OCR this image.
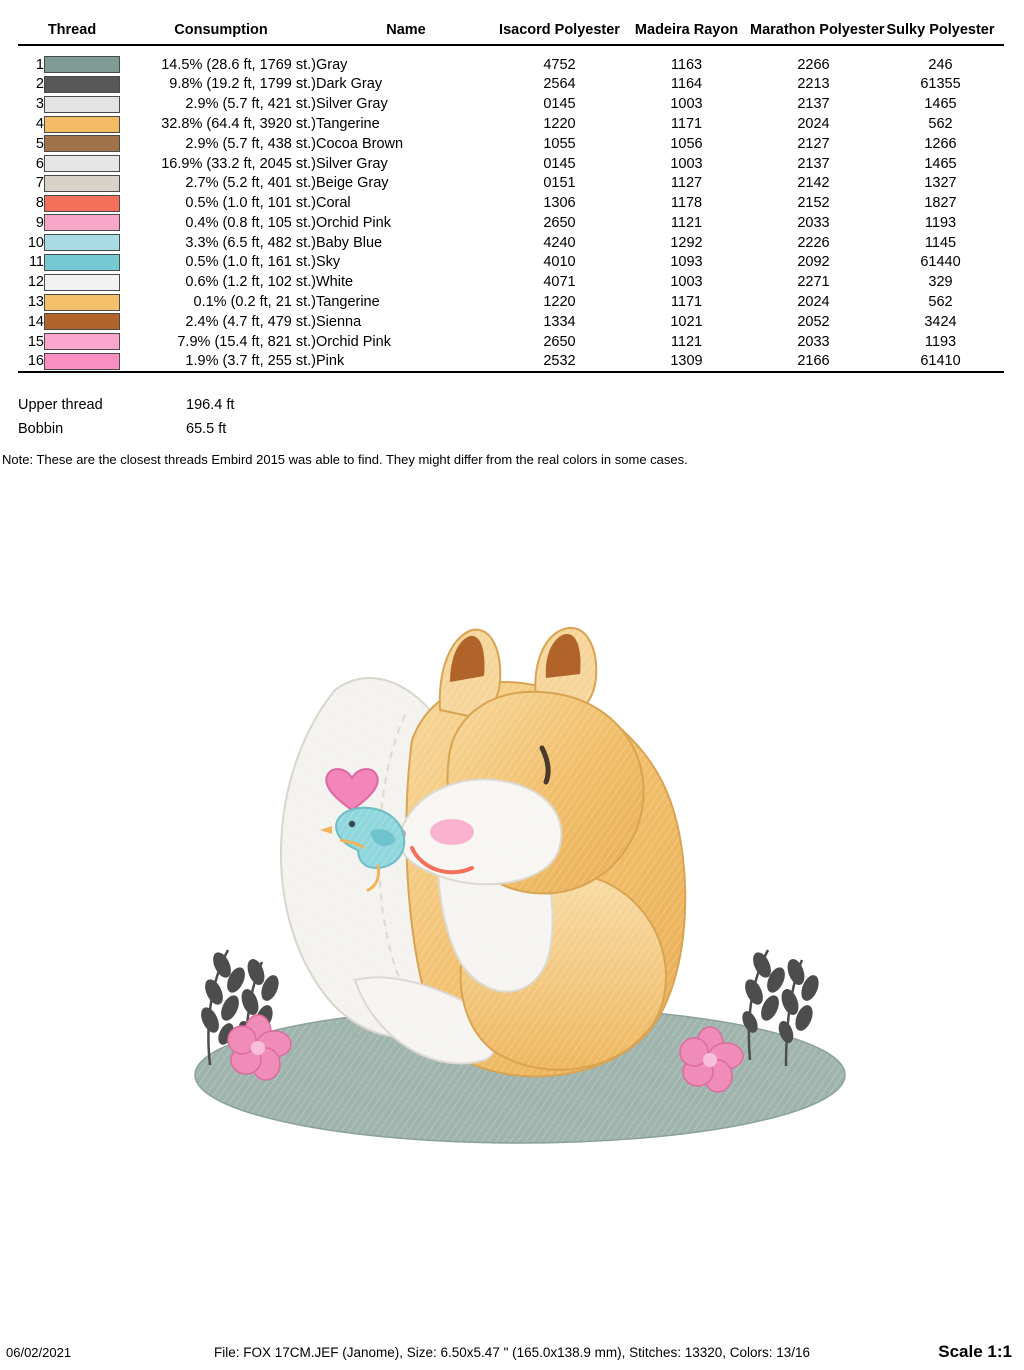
Thread		Consumption	Name	Isacord Polyester	Madeira Rayon	Marathon Polyester	Sulky Polyester

1		14.5% (28.6 ft, 1769 st.)	Gray	4752	1163	2266	246
2		9.8% (19.2 ft, 1799 st.)	Dark Gray	2564	1164	2213	61355
3		2.9% (5.7 ft, 421 st.)	Silver Gray	0145	1003	2137	1465
4		32.8% (64.4 ft, 3920 st.)	Tangerine	1220	1171	2024	562
5		2.9% (5.7 ft, 438 st.)	Cocoa Brown	1055	1056	2127	1266
6		16.9% (33.2 ft, 2045 st.)	Silver Gray	0145	1003	2137	1465
7		2.7% (5.2 ft, 401 st.)	Beige Gray	0151	1127	2142	1327
8		0.5% (1.0 ft, 101 st.)	Coral	1306	1178	2152	1827
9		0.4% (0.8 ft, 105 st.)	Orchid Pink	2650	1121	2033	1193
10		3.3% (6.5 ft, 482 st.)	Baby Blue	4240	1292	2226	1145
11		0.5% (1.0 ft, 161 st.)	Sky	4010	1093	2092	61440
12		0.6% (1.2 ft, 102 st.)	White	4071	1003	2271	329
13		0.1% (0.2 ft, 21 st.)	Tangerine	1220	1171	2024	562
14		2.4% (4.7 ft, 479 st.)	Sienna	1334	1021	2052	3424
15		7.9% (15.4 ft, 821 st.)	Orchid Pink	2650	1121	2033	1193
16		1.9% (3.7 ft, 255 st.)	Pink	2532	1309	2166	61410

Upper thread	196.4 ft
Bobbin	65.5 ft
Note: These are the closest threads Embird 2015 was able to find. They might differ from the real colors in some cases.
06/02/2021	File: FOX 17CM.JEF (Janome), Size: 6.50x5.47 " (165.0x138.9 mm), Stitches: 13320, Colors: 13/16	Scale 1:1
